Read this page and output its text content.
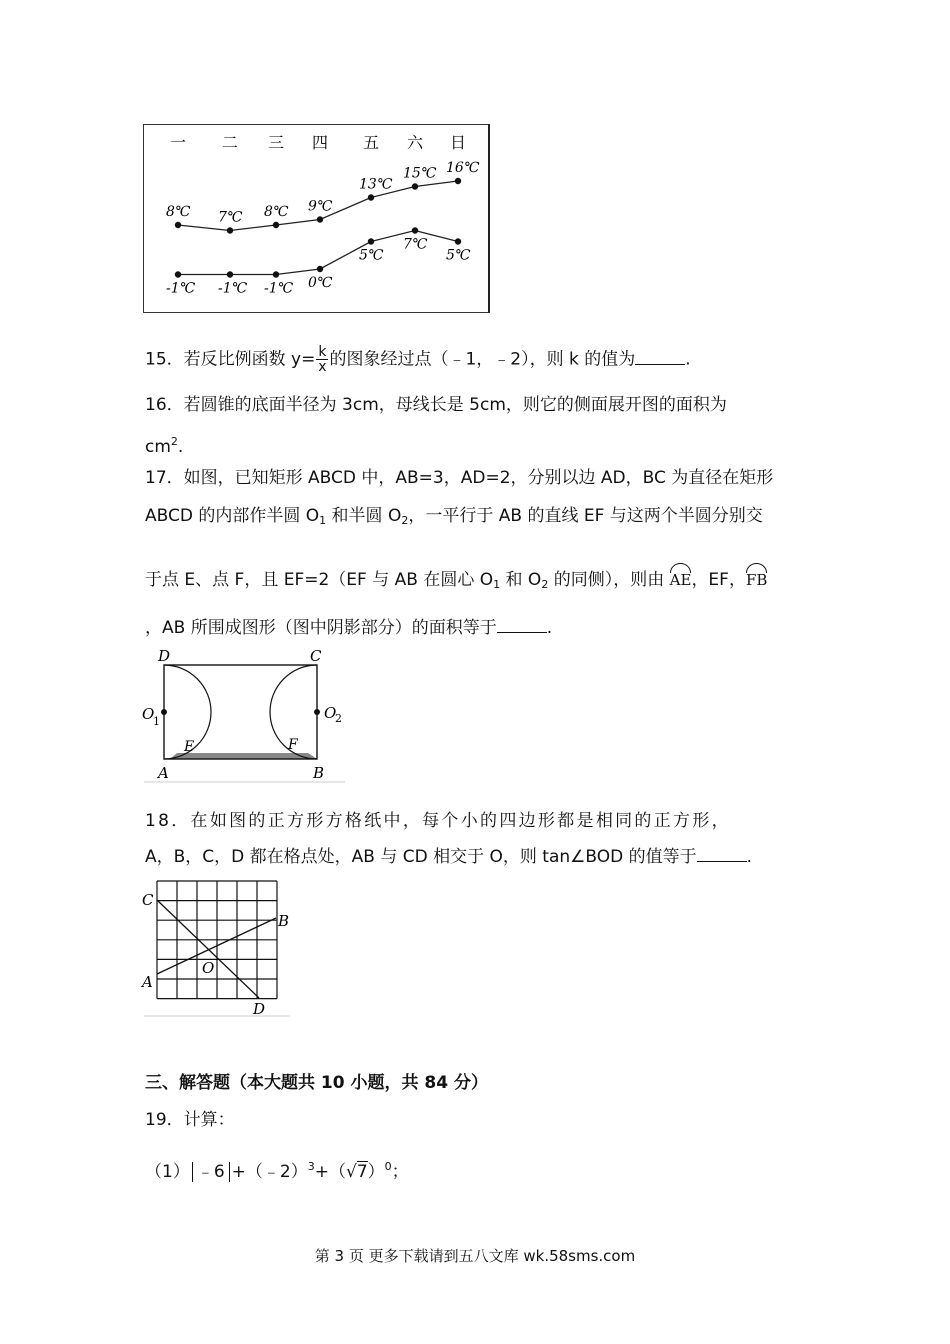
一 二 三 四 五 六 日
8℃ 7℃ 8℃ 9℃
13℃
15℃ 16℃
-1℃ -1℃ -1℃ 0℃
5℃
7℃
5℃
15．若反比例函数 $y= \frac{k}{x}$ 的图象经过点（﹣1，﹣2），则 k 的值为	.
16．若圆锥的底面半径为 3cm，母线长是 5cm，则它的侧面展开图的面积为
$cm^2$.
17．如图，已知矩形 ABCD 中，AB=3，AD=2，分别以边 AD，BC 为直径在矩形
ABCD 的内部作半圆 $O_1$ 和半圆 $O_2$，一平行于 AB 的直线 EF 与这两个半圆分别交
于点 E、点 F，且 EF=2（EF 与 AB 在圆心 $O_1$ 和 $O_2$ 的同侧），则由 AE，EF，FB
，AB 所围成图形（图中阴影部分）的面积等于	.
D	C
A	B
E	F
O
1	O
2
18．在如图的正方形方格纸中，每个小的四边形都是相同的正方形，
A，B，C，D 都在格点处，AB 与 CD 相交于 O，则 tan∠BOD 的值等于	.
C
B
A
D
O
三、解答题（本大题共 10 小题，共 84 分）
19．计算：
（1） ﹣6 $+(﹣2)^3+(√7)^0$；
第 3 页 更多下载请到五八文库 wk.58sms.com
